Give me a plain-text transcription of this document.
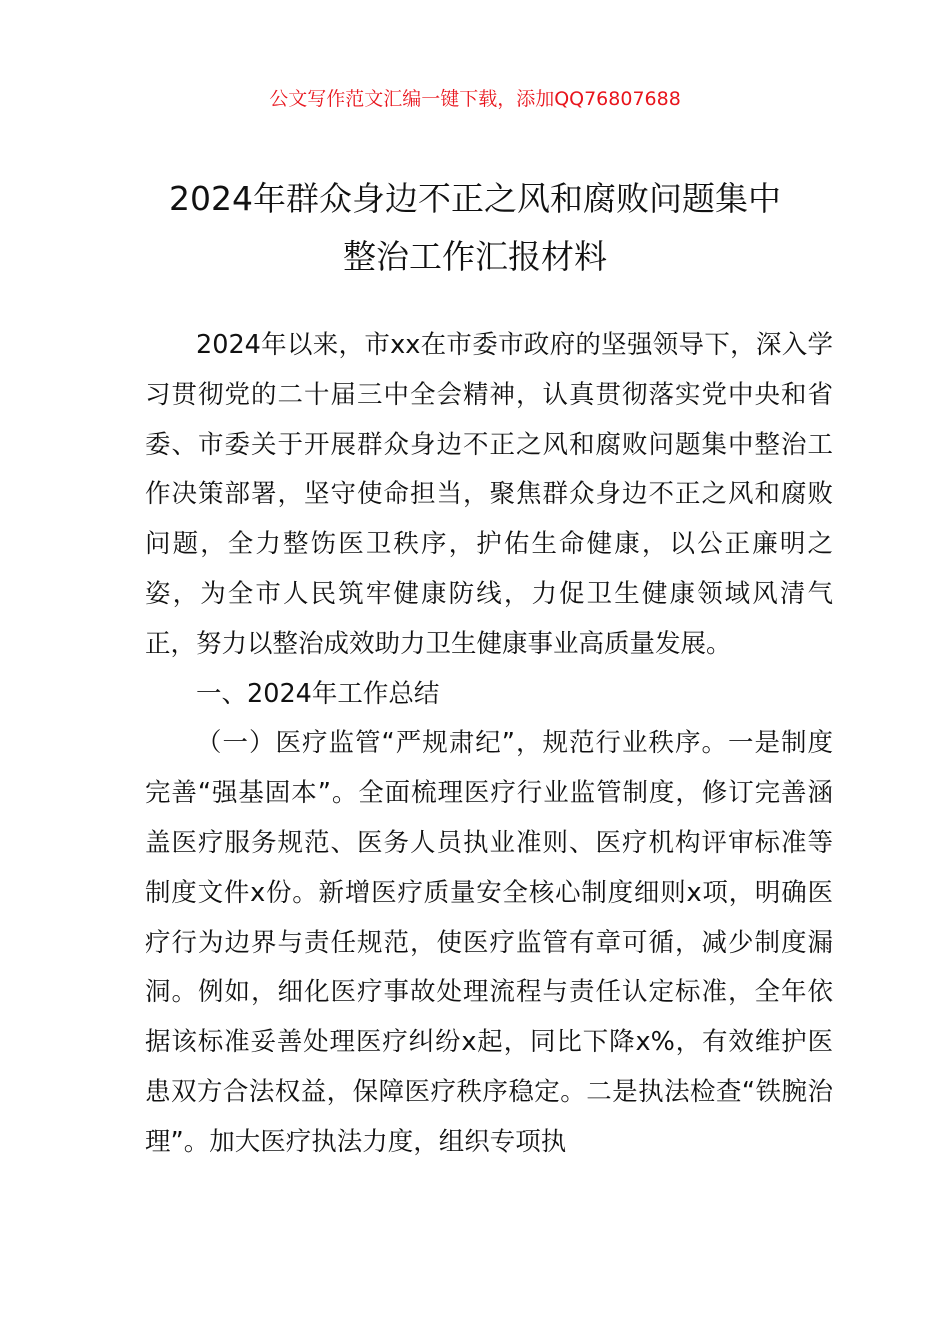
公文写作范文汇编一键下载，添加QQ76807688
2024年群众身边不正之风和腐败问题集中
整治工作汇报材料

2024年以来，市xx在市委市政府的坚强领导下，深入学习贯彻党的二十届三中全会精神，认真贯彻落实党中央和省委、市委关于开展群众身边不正之风和腐败问题集中整治工作决策部署，坚守使命担当，聚焦群众身边不正之风和腐败问题，全力整饬医卫秩序，护佑生命健康，以公正廉明之姿，为全市人民筑牢健康防线，力促卫生健康领域风清气正，努力以整治成效助力卫生健康事业高质量发展。

一、2024年工作总结

（一）医疗监管“严规肃纪”，规范行业秩序。一是制度完善“强基固本”。全面梳理医疗行业监管制度，修订完善涵盖医疗服务规范、医务人员执业准则、医疗机构评审标准等制度文件x份。新增医疗质量安全核心制度细则x项，明确医疗行为边界与责任规范，使医疗监管有章可循，减少制度漏洞。例如，细化医疗事故处理流程与责任认定标准，全年依据该标准妥善处理医疗纠纷x起，同比下降x%，有效维护医患双方合法权益，保障医疗秩序稳定。二是执法检查“铁腕治理”。加大医疗执法力度，组织专项执
